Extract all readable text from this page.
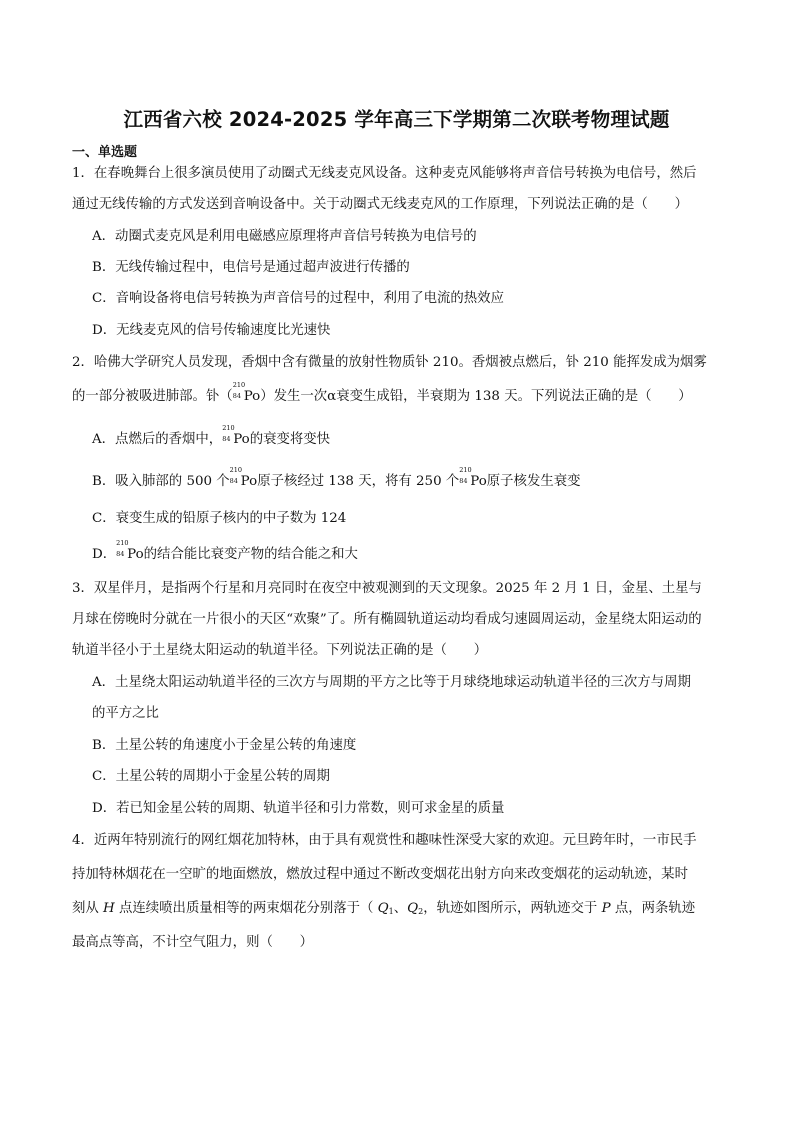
江西省六校 2024-2025 学年高三下学期第二次联考物理试题
一、单选题
1．在春晚舞台上很多演员使用了动圈式无线麦克风设备。这种麦克风能够将声音信号转换为电信号，然后
通过无线传输的方式发送到音响设备中。关于动圈式无线麦克风的工作原理，下列说法正确的是（　　）
A．动圈式麦克风是利用电磁感应原理将声音信号转换为电信号的
B．无线传输过程中，电信号是通过超声波进行传播的
C．音响设备将电信号转换为声音信号的过程中，利用了电流的热效应
D．无线麦克风的信号传输速度比光速快
2．哈佛大学研究人员发现，香烟中含有微量的放射性物质钋 210。香烟被点燃后，钋 210 能挥发成为烟雾
的一部分被吸进肺部。钋（
210
84 Po）发生一次α衰变生成铅，半衰期为 138 天。下列说法正确的是（　　）
A．点燃后的香烟中，
210
84 Po的衰变将变快
B．吸入肺部的 500 个
210
84 Po原子核经过 138 天，将有 250 个
210
84 Po原子核发生衰变
C．衰变生成的铅原子核内的中子数为 124
D．
210
84 Po的结合能比衰变产物的结合能之和大
3．双星伴月，是指两个行星和月亮同时在夜空中被观测到的天文现象。2025 年 2 月 1 日，金星、土星与
月球在傍晚时分就在一片很小的天区“欢聚”了。所有椭圆轨道运动均看成匀速圆周运动，金星绕太阳运动的
轨道半径小于土星绕太阳运动的轨道半径。下列说法正确的是（　　）
A．土星绕太阳运动轨道半径的三次方与周期的平方之比等于月球绕地球运动轨道半径的三次方与周期
的平方之比
B．土星公转的角速度小于金星公转的角速度
C．土星公转的周期小于金星公转的周期
D．若已知金星公转的周期、轨道半径和引力常数，则可求金星的质量
4．近两年特别流行的网红烟花加特林，由于具有观赏性和趣味性深受大家的欢迎。元旦跨年时，一市民手
持加特林烟花在一空旷的地面燃放，燃放过程中通过不断改变烟花出射方向来改变烟花的运动轨迹，某时
刻从 H 点连续喷出质量相等的两束烟花分别落于（ $Q_1$、$Q_2$，轨迹如图所示，两轨迹交于 P 点，两条轨迹
最高点等高，不计空气阻力，则（　　）
